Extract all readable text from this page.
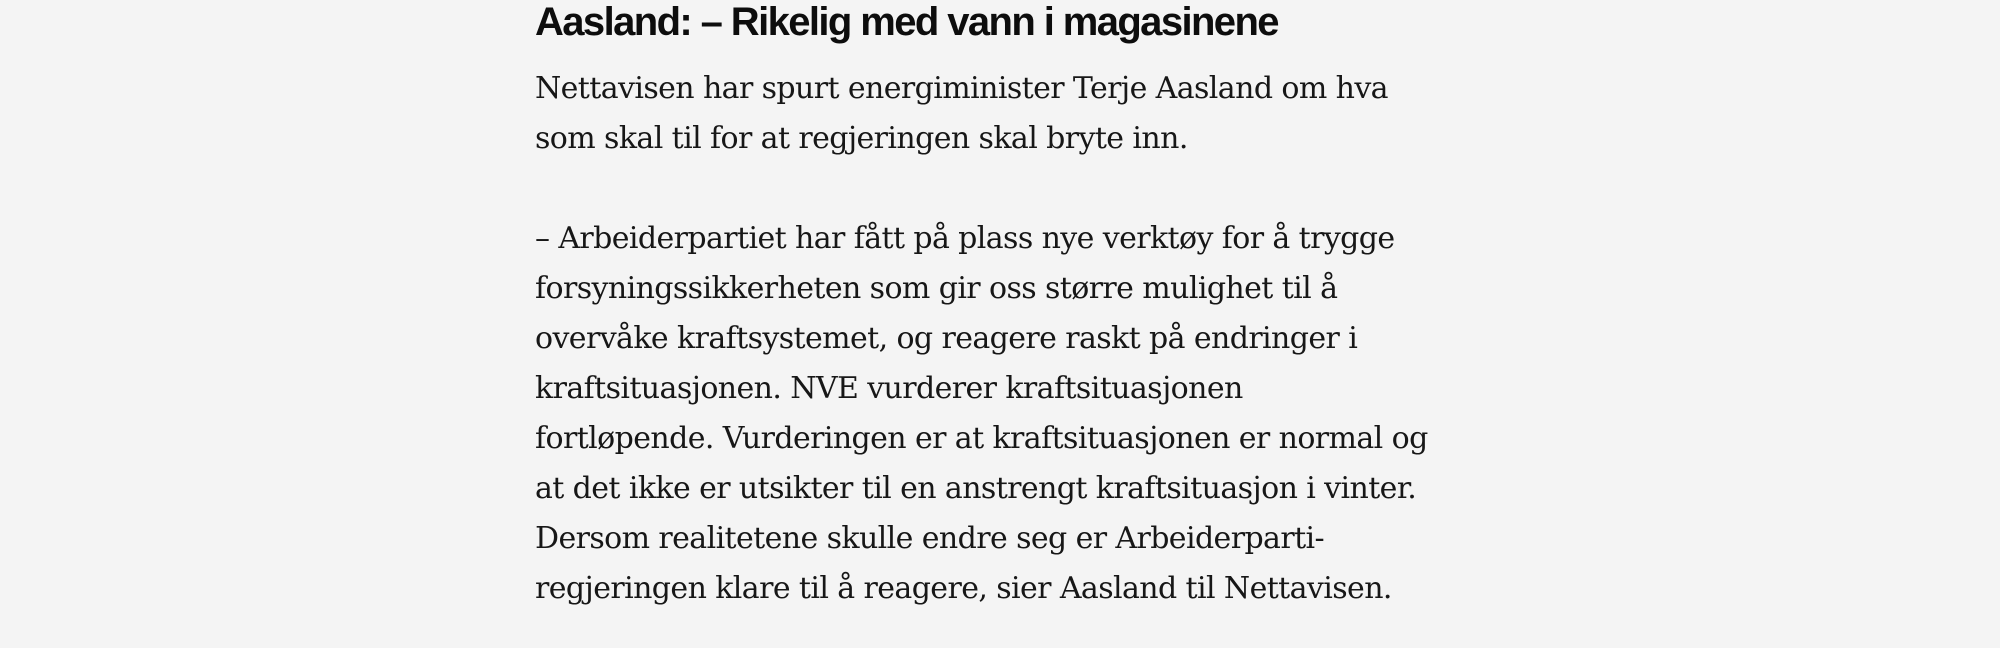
Aasland: – Rikelig med vann i magasinene

Nettavisen har spurt energiminister Terje Aasland om hva
som skal til for at regjeringen skal bryte inn.

– Arbeiderpartiet har fått på plass nye verktøy for å trygge
forsyningssikkerheten som gir oss større mulighet til å
overvåke kraftsystemet, og reagere raskt på endringer i
kraftsituasjonen. NVE vurderer kraftsituasjonen
fortløpende. Vurderingen er at kraftsituasjonen er normal og
at det ikke er utsikter til en anstrengt kraftsituasjon i vinter.
Dersom realitetene skulle endre seg er Arbeiderparti-
regjeringen klare til å reagere, sier Aasland til Nettavisen.
